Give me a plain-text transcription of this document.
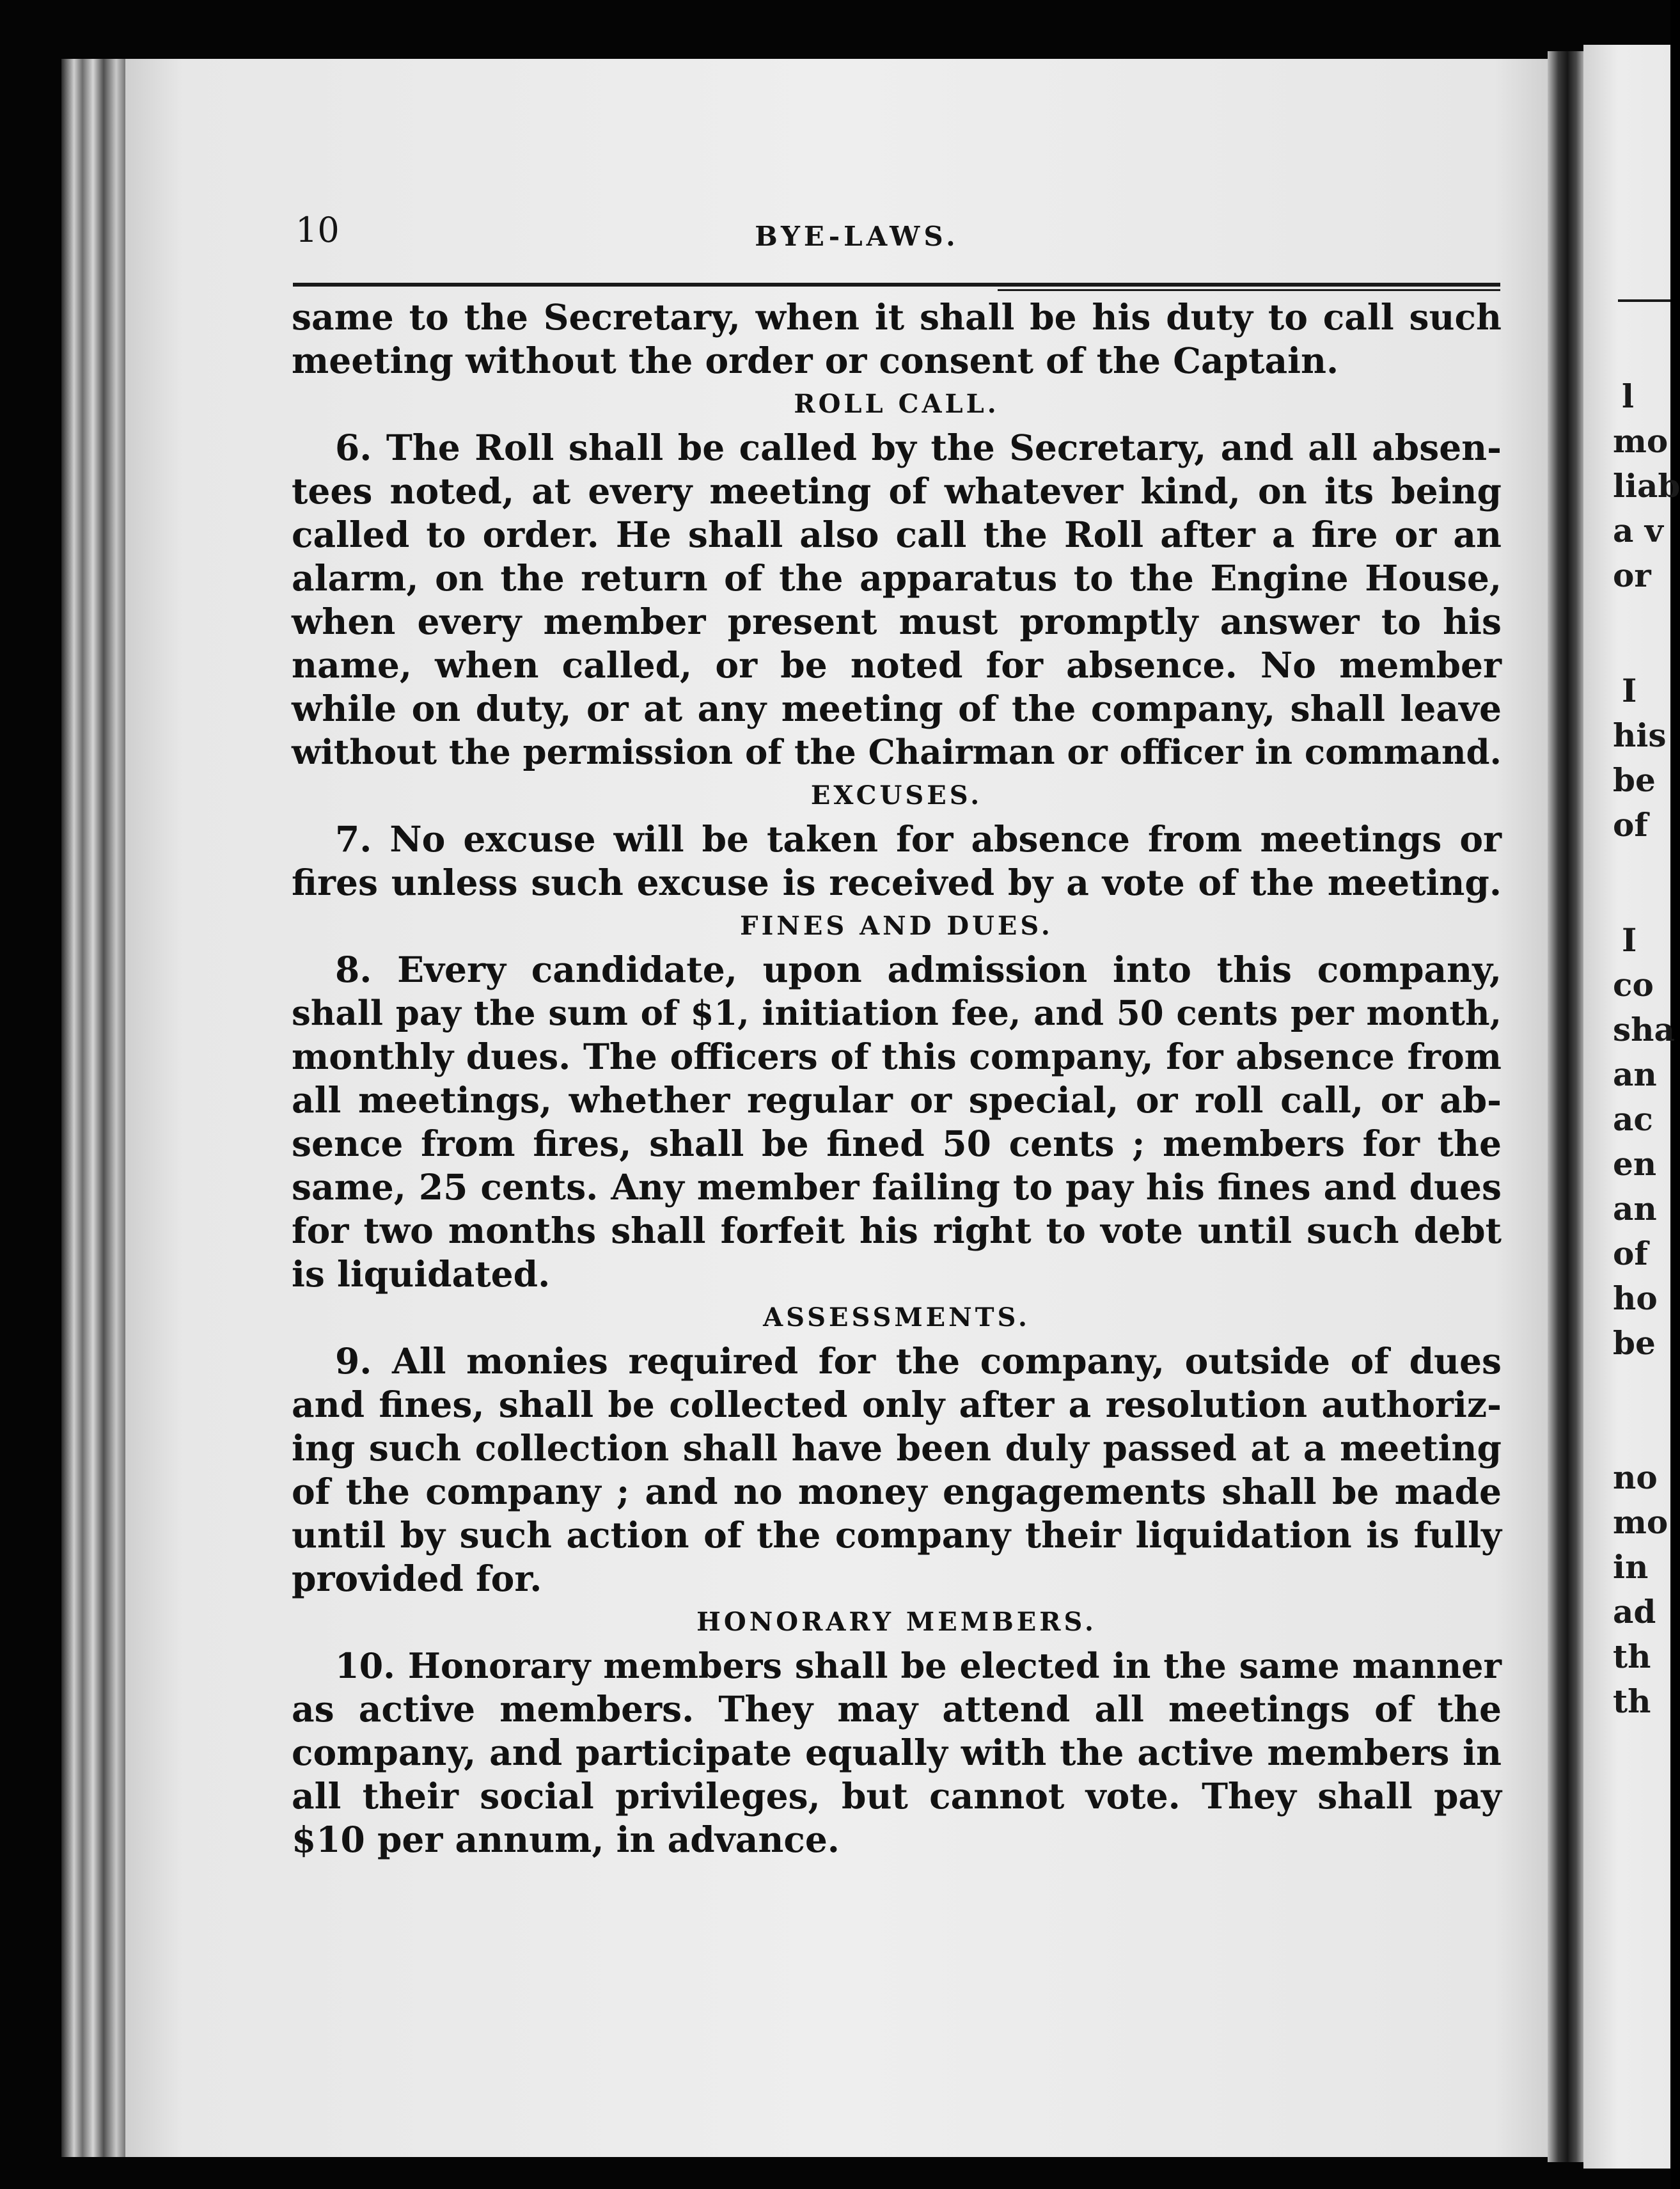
10	BYE-LAWS.
same to the Secretary, when it shall be his duty to call such
meeting without the order or consent of the Captain.
ROLL CALL.
6. The Roll shall be called by the Secretary, and all absen-
tees noted, at every meeting of whatever kind, on its being
called to order. He shall also call the Roll after a fire or an
alarm, on the return of the apparatus to the Engine House,
when every member present must promptly answer to his
name, when called, or be noted for absence. No member
while on duty, or at any meeting of the company, shall leave
without the permission of the Chairman or officer in command.
EXCUSES.
7. No excuse will be taken for absence from meetings or
fires unless such excuse is received by a vote of the meeting.
FINES AND DUES.
8. Every candidate, upon admission into this company,
shall pay the sum of $1, initiation fee, and 50 cents per month,
monthly dues. The officers of this company, for absence from
all meetings, whether regular or special, or roll call, or ab-
sence from fires, shall be fined 50 cents ; members for the
same, 25 cents. Any member failing to pay his fines and dues
for two months shall forfeit his right to vote until such debt
is liquidated.
ASSESSMENTS.
9. All monies required for the company, outside of dues
and fines, shall be collected only after a resolution authoriz-
ing such collection shall have been duly passed at a meeting
of the company ; and no money engagements shall be made
until by such action of the company their liquidation is fully
provided for.
HONORARY MEMBERS.
10. Honorary members shall be elected in the same manner
as active members. They may attend all meetings of the
company, and participate equally with the active members in
all their social privileges, but cannot vote. They shall pay
$10 per annum, in advance.
l
mo
liab
a v
or
I
his
be
of
I
co
sha
an
ac
en
an
of
ho
be
no
mo
in
ad
th
th
